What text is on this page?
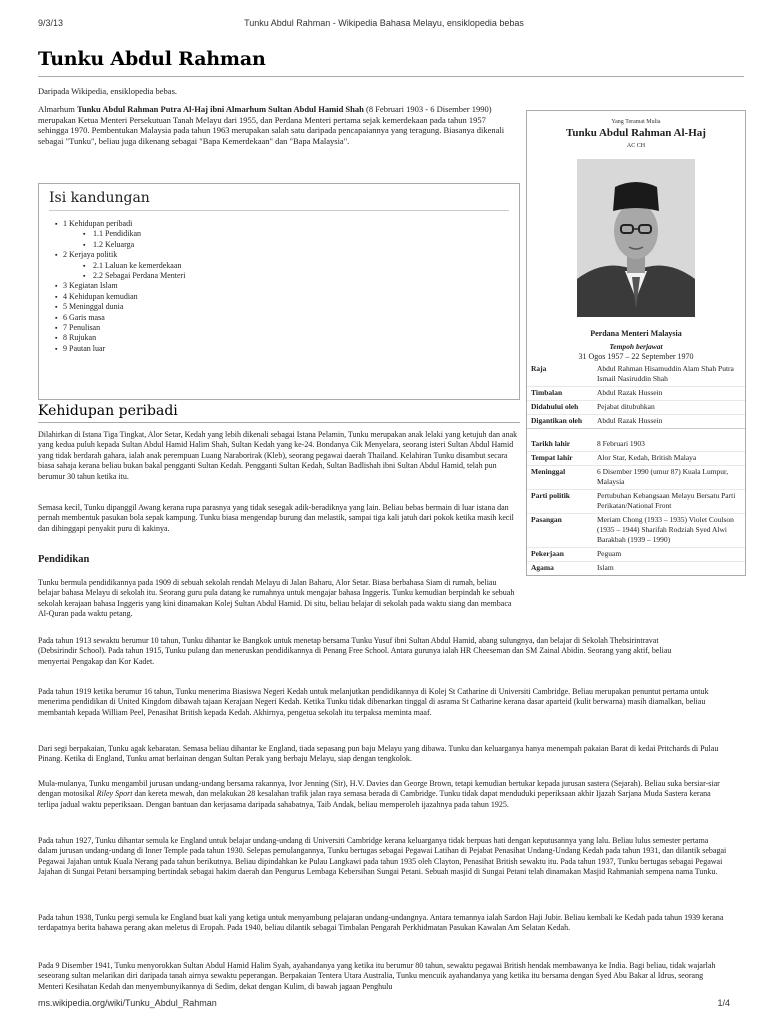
9/3/13	Tunku Abdul Rahman - Wikipedia Bahasa Melayu, ensiklopedia bebas
Tunku Abdul Rahman
Daripada Wikipedia, ensiklopedia bebas.
Almarhum Tunku Abdul Rahman Putra Al-Haj ibni Almarhum Sultan Abdul Hamid Shah (8 Februari 1903 - 6 Disember 1990) merupakan Ketua Menteri Persekutuan Tanah Melayu dari 1955, dan Perdana Menteri pertama sejak kemerdekaan pada tahun 1957 sehingga 1970. Pembentukan Malaysia pada tahun 1963 merupakan salah satu daripada pencapaiannya yang teragung. Biasanya dikenali sebagai "Tunku", beliau juga dikenang sebagai "Bapa Kemerdekaan" dan "Bapa Malaysia".
Isi kandungan
▪ 1 Kehidupan peribadi
▪ 1.1 Pendidikan
▪ 1.2 Keluarga
▪ 2 Kerjaya politik
▪ 2.1 Laluan ke kemerdekaan
▪ 2.2 Sebagai Perdana Menteri
▪ 3 Kegiatan Islam
▪ 4 Kehidupan kemudian
▪ 5 Meninggal dunia
▪ 6 Garis masa
▪ 7 Penulisan
▪ 8 Rujukan
▪ 9 Pautan luar
Kehidupan peribadi
Dilahirkan di Istana Tiga Tingkat, Alor Setar, Kedah yang lebih dikenali sebagai Istana Pelamin, Tunku merupakan anak lelaki yang ketujuh dan anak yang kedua puluh kepada Sultan Abdul Hamid Halim Shah, Sultan Kedah yang ke-24. Bondanya Cik Menyelara, seorang isteri Sultan Abdul Hamid yang tidak berdarah gahara, ialah anak perempuan Luang Naraborirak (Kleb), seorang pegawai daerah Thailand. Kelahiran Tunku disambut secara biasa sahaja kerana beliau bukan bakal pengganti Sultan Kedah. Pengganti Sultan Kedah, Sultan Badlishah ibni Sultan Abdul Hamid, telah pun berumur 30 tahun ketika itu.
Semasa kecil, Tunku dipanggil Awang kerana rupa parasnya yang tidak sesegak adik-beradiknya yang lain. Beliau bebas bermain di luar istana dan pernah membentuk pasukan bola sepak kampung. Tunku biasa mengendap burung dan melastik, sampai tiga kali jatuh dari pokok ketika masih kecil dan dihinggapi penyakit puru di kakinya.
Pendidikan
Tunku bermula pendidikannya pada 1909 di sebuah sekolah rendah Melayu di Jalan Baharu, Alor Setar. Biasa berbahasa Siam di rumah, beliau belajar bahasa Melayu di sekolah itu. Seorang guru pula datang ke rumahnya untuk mengajar bahasa Inggeris. Tunku kemudian berpindah ke sebuah sekolah kerajaan bahasa Inggeris yang kini dinamakan Kolej Sultan Abdul Hamid. Di situ, beliau belajar di sekolah pada waktu siang dan membaca Al-Quran pada waktu petang.
Pada tahun 1913 sewaktu berumur 10 tahun, Tunku dihantar ke Bangkok untuk menetap bersama Tunku Yusuf ibni Sultan Abdul Hamid, abang sulungnya, dan belajar di Sekolah Thebsirintravat (Debsirindir School). Pada tahun 1915, Tunku pulang dan meneruskan pendidikannya di Penang Free School. Antara gurunya ialah HR Cheeseman dan SM Zainal Abidin. Seorang yang aktif, beliau menyertai Pengakap dan Kor Kadet.
Pada tahun 1919 ketika berumur 16 tahun, Tunku menerima Biasiswa Negeri Kedah untuk melanjutkan pendidikannya di Kolej St Catharine di Universiti Cambridge. Beliau merupakan penuntut pertama untuk menerima pendidikan di United Kingdom dibawah tajaan Kerajaan Negeri Kedah. Ketika Tunku tidak dibenarkan tinggal di asrama St Catharine kerana dasar aparteid (kulit berwarna) masih diamalkan, beliau membantah kepada William Peel, Penasihat British kepada Kedah. Akhirnya, pengetua sekolah itu terpaksa meminta maaf.
Dari segi berpakaian, Tunku agak kebaratan. Semasa beliau dihantar ke England, tiada sepasang pun baju Melayu yang dibawa. Tunku dan keluarganya hanya menempah pakaian Barat di kedai Pritchards di Pulau Pinang. Ketika di England, Tunku amat berlainan dengan Sultan Perak yang berbaju Melayu, siap dengan tengkolok.
Mula-mulanya, Tunku mengambil jurusan undang-undang bersama rakannya, Ivor Jenning (Sir), H.V. Davies dan George Brown, tetapi kemudian bertukar kepada jurusan sastera (Sejarah). Beliau suka bersiar-siar dengan motosikal Riley Sport dan kereta mewah, dan melakukan 28 kesalahan trafik jalan raya semasa berada di Cambridge. Tunku tidak dapat menduduki peperiksaan akhir Ijazah Sarjana Muda Sastera kerana terlipa jadual waktu peperiksaan. Dengan bantuan dan kerjasama daripada sahabatnya, Taib Andak, beliau memperoleh ijazahnya pada tahun 1925.
Pada tahun 1927, Tunku dihantar semula ke England untuk belajar undang-undang di Universiti Cambridge kerana keluarganya tidak berpuas hati dengan keputusannya yang lalu. Beliau lulus semester pertama dalam jurusan undang-undang di Inner Temple pada tahun 1930. Selepas pemulangannya, Tunku bertugas sebagai Pegawai Latihan di Pejabat Penasihat Undang-Undang Kedah pada tahun 1931, dan dilantik sebagai Pegawai Jajahan untuk Kuala Nerang pada tahun berikutnya. Beliau dipindahkan ke Pulau Langkawi pada tahun 1935 oleh Clayton, Penasihat British sewaktu itu. Pada tahun 1937, Tunku bertugas sebagai Pegawai Jajahan di Sungai Petani bersamping bertindak sebagai hakim daerah dan Pengurus Lembaga Kebersihan Sungai Petani. Sebuah masjid di Sungai Petani telah dinamakan Masjid Rahmaniah sempena nama Tunku.
Pada tahun 1938, Tunku pergi semula ke England buat kali yang ketiga untuk menyambung pelajaran undang-undangnya. Antara temannya ialah Sardon Haji Jubir. Beliau kembali ke Kedah pada tahun 1939 kerana terdapatnya berita bahawa perang akan meletus di Eropah. Pada 1940, beliau dilantik sebagai Timbalan Pengarah Perkhidmatan Pasukan Kawalan Am Selatan Kedah.
Pada 9 Disember 1941, Tunku menyorokkan Sultan Abdul Hamid Halim Syah, ayahandanya yang ketika itu berumur 80 tahun, sewaktu pegawai British hendak membawanya ke India. Bagi beliau, tidak wajarlah seseorang sultan melarikan diri daripada tanah airnya sewaktu peperangan. Berpakaian Tentera Utara Australia, Tunku mencuik ayahandanya yang ketika itu bersama dengan Syed Abu Bakar al Idrus, seorang Menteri Kesihatan Kedah dan menyembunyikannya di Sedim, dekat dengan Kulim, di bawah jagaan Penghulu
Yang Teramat Mulia
Tunku Abdul Rahman Al-Haj
AC CH
Perdana Menteri Malaysia
Tempoh berjawat
31 Ogos 1957 – 22 September 1970
Raja	Abdul Rahman Hisamuddin Alam Shah Putra Ismail Nasiruddin Shah
Timbalan	Abdul Razak Hussein
Didahului oleh	Pejabat ditubuhkan
Digantikan oleh	Abdul Razak Hussein
Tarikh lahir	8 Februari 1903
Tempat lahir	Alor Star, Kedah, British Malaya
Meninggal	6 Disember 1990 (umur 87) Kuala Lumpur, Malaysia
Parti politik	Pertubuhan Kebangsaan Melayu Bersatu Parti Perikatan/National Front
Pasangan	Meriam Chong (1933 – 1935) Violet Coulson (1935 – 1944) Sharifah Rodziah Syed Alwi Barakbah (1939 – 1990)
Pekerjaan	Peguam
Agama	Islam
ms.wikipedia.org/wiki/Tunku_Abdul_Rahman	1/4
